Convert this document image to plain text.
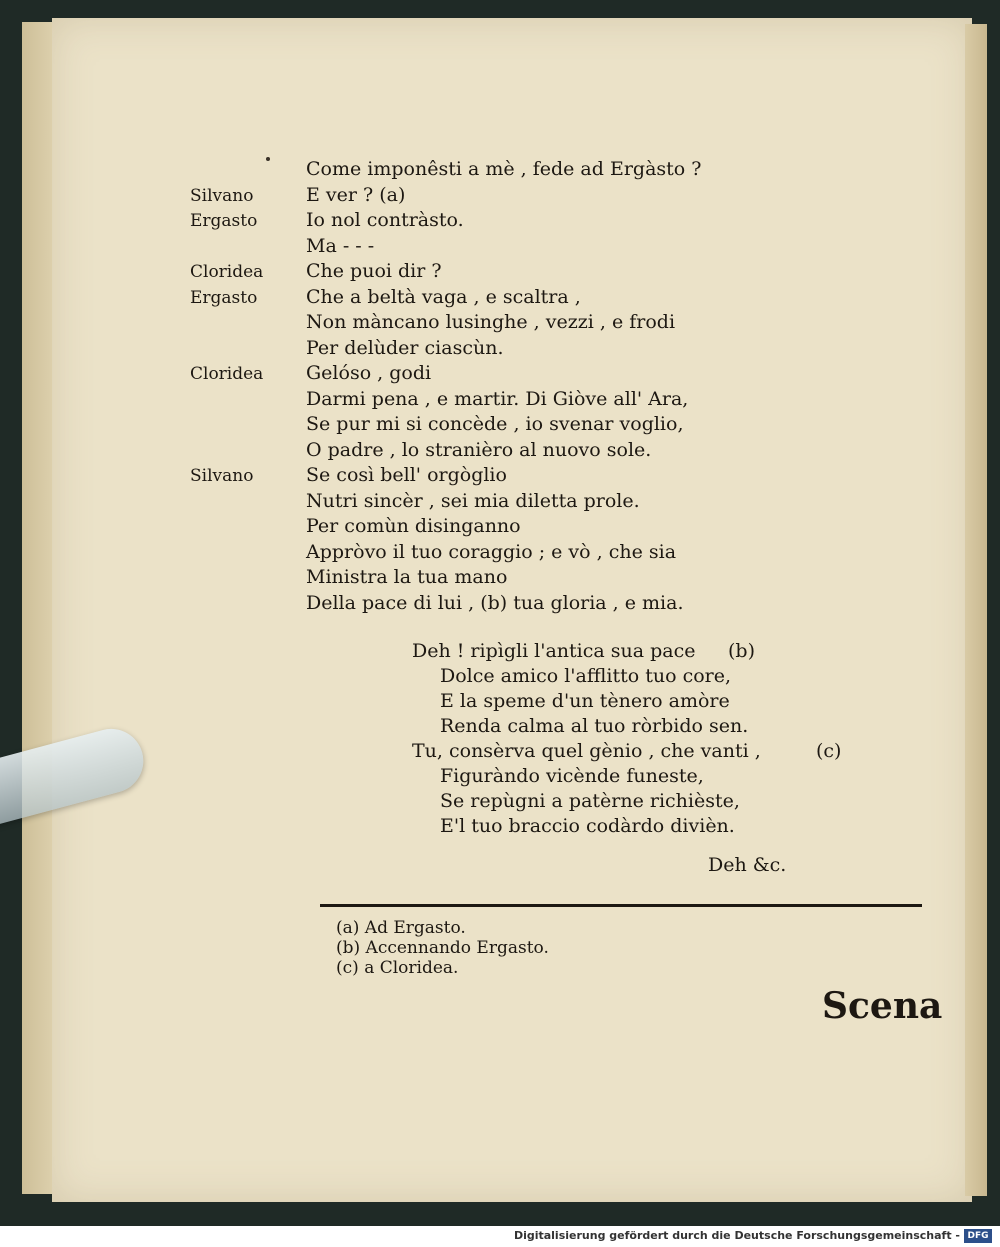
Come imponêsti a mè , fede ad Ergàsto ?
Silvano	E ver ? (a)
Ergasto	Io nol contràsto.
Ma - - -
Cloridea Che puoi dir ?
Ergasto	Che a beltà vaga , e scaltra ,
Non màncano lusinghe , vezzi , e frodi
Per delùder ciascùn.
Cloridea Gelóso , godi
Darmi pena , e martir. Di Giòve all' Ara,
Se pur mi si concède , io svenar voglio,
O padre , lo stranièro al nuovo sole.
Silvano	Se così bell' orgòglio
Nutri sincèr , sei mia diletta prole.
Per comùn disinganno
Appròvo il tuo coraggio ; e vò , che sia
Ministra la tua mano
Della pace di lui , (b) tua gloria , e mia.
Deh ! ripìgli l'antica sua pace (b)
Dolce amico l'afflitto tuo core,
E la speme d'un tènero amòre
Renda calma al tuo ròrbido sen.
Tu, consèrva quel gènio , che vanti ,	(c)
Figuràndo vicènde funeste,
Se repùgni a patèrne richièste,
E'l tuo braccio codàrdo divièn.
Deh &c.
(a) Ad Ergasto.
(b) Accennando Ergasto.
(c) a Cloridea.
Scena
Digitalisierung gefördert durch die Deutsche Forschungsgemeinschaft - DFG
